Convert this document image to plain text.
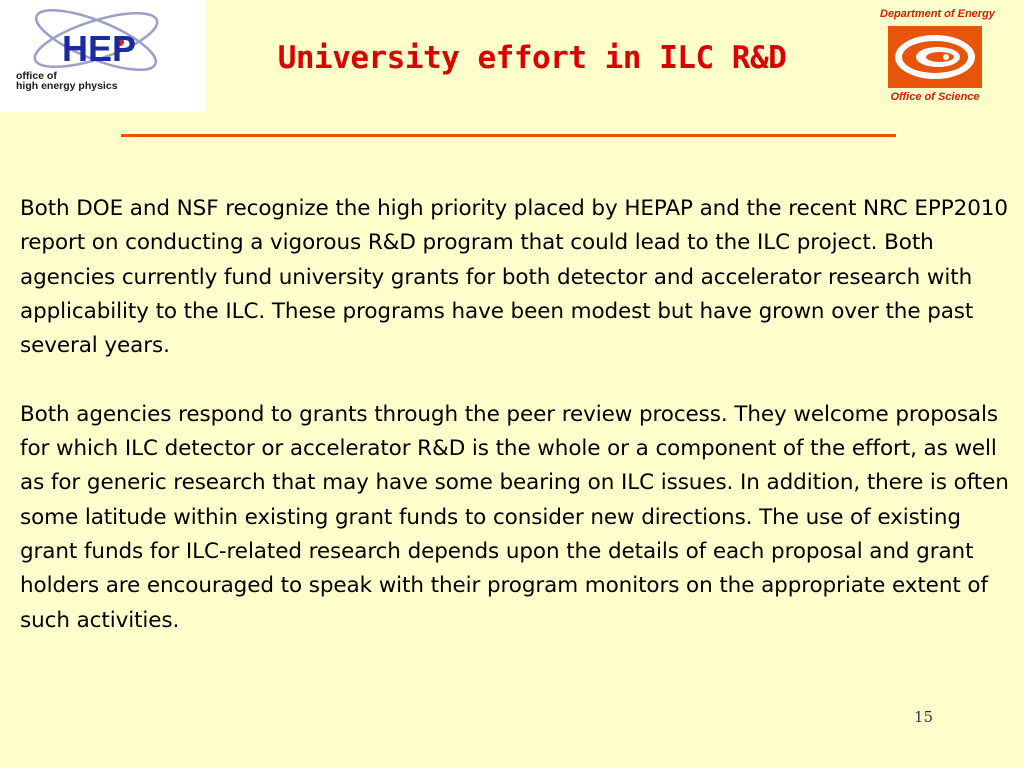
HEP

office of
high energy physics

University effort in ILC R&D
Department of Energy
Office of Science

Both DOE and NSF recognize the high priority placed by HEPAP and the recent NRC EPP2010 report on conducting a vigorous R&D program that could lead to the ILC project. Both agencies currently fund university grants for both detector and accelerator research with applicability to the ILC. These programs have been modest but have grown over the past several years.

Both agencies respond to grants through the peer review process. They welcome proposals for which ILC detector or accelerator R&D is the whole or a component of the effort, as well as for generic research that may have some bearing on ILC issues. In addition, there is often some latitude within existing grant funds to consider new directions. The use of existing grant funds for ILC-related research depends upon the details of each proposal and grant holders are encouraged to speak with their program monitors on the appropriate extent of such activities.

15
